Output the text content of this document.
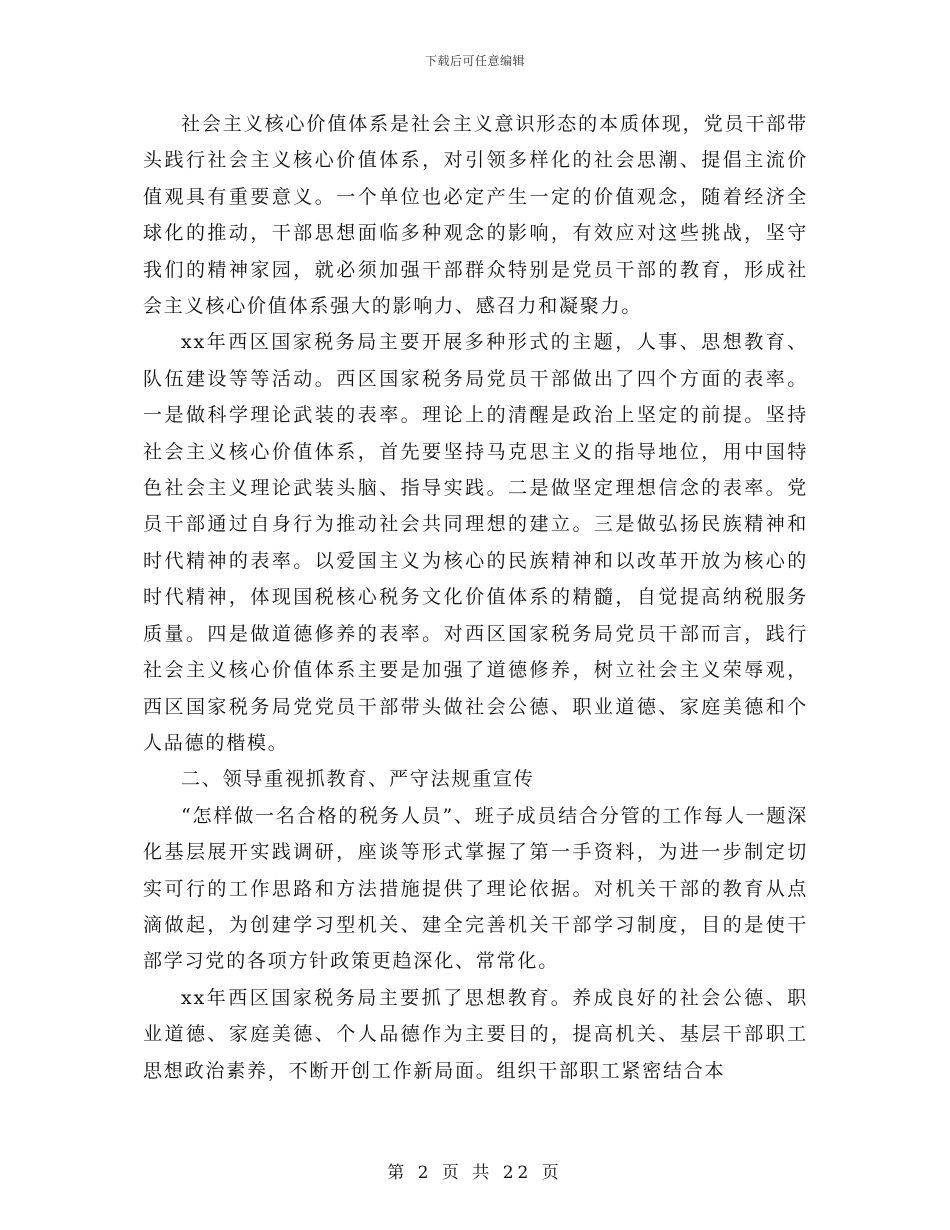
下载后可任意编辑

社会主义核心价值体系是社会主义意识形态的本质体现，党员干部带头践行社会主义核心价值体系，对引领多样化的社会思潮、提倡主流价值观具有重要意义。一个单位也必定产生一定的价值观念，随着经济全球化的推动，干部思想面临多种观念的影响，有效应对这些挑战，坚守我们的精神家园，就必须加强干部群众特别是党员干部的教育，形成社会主义核心价值体系强大的影响力、感召力和凝聚力。

xx年西区国家税务局主要开展多种形式的主题，人事、思想教育、队伍建设等等活动。西区国家税务局党员干部做出了四个方面的表率。一是做科学理论武装的表率。理论上的清醒是政治上坚定的前提。坚持社会主义核心价值体系，首先要坚持马克思主义的指导地位，用中国特色社会主义理论武装头脑、指导实践。二是做坚定理想信念的表率。党员干部通过自身行为推动社会共同理想的建立。三是做弘扬民族精神和时代精神的表率。以爱国主义为核心的民族精神和以改革开放为核心的时代精神，体现国税核心税务文化价值体系的精髓，自觉提高纳税服务质量。四是做道德修养的表率。对西区国家税务局党员干部而言，践行社会主义核心价值体系主要是加强了道德修养，树立社会主义荣辱观，西区国家税务局党党员干部带头做社会公德、职业道德、家庭美德和个人品德的楷模。

二、领导重视抓教育、严守法规重宣传

“怎样做一名合格的税务人员”、班子成员结合分管的工作每人一题深化基层展开实践调研，座谈等形式掌握了第一手资料，为进一步制定切实可行的工作思路和方法措施提供了理论依据。对机关干部的教育从点滴做起，为创建学习型机关、建全完善机关干部学习制度，目的是使干部学习党的各项方针政策更趋深化、常常化。

xx年西区国家税务局主要抓了思想教育。养成良好的社会公德、职业道德、家庭美德、个人品德作为主要目的，提高机关、基层干部职工思想政治素养，不断开创工作新局面。组织干部职工紧密结合本

第 2 页 共 22 页
